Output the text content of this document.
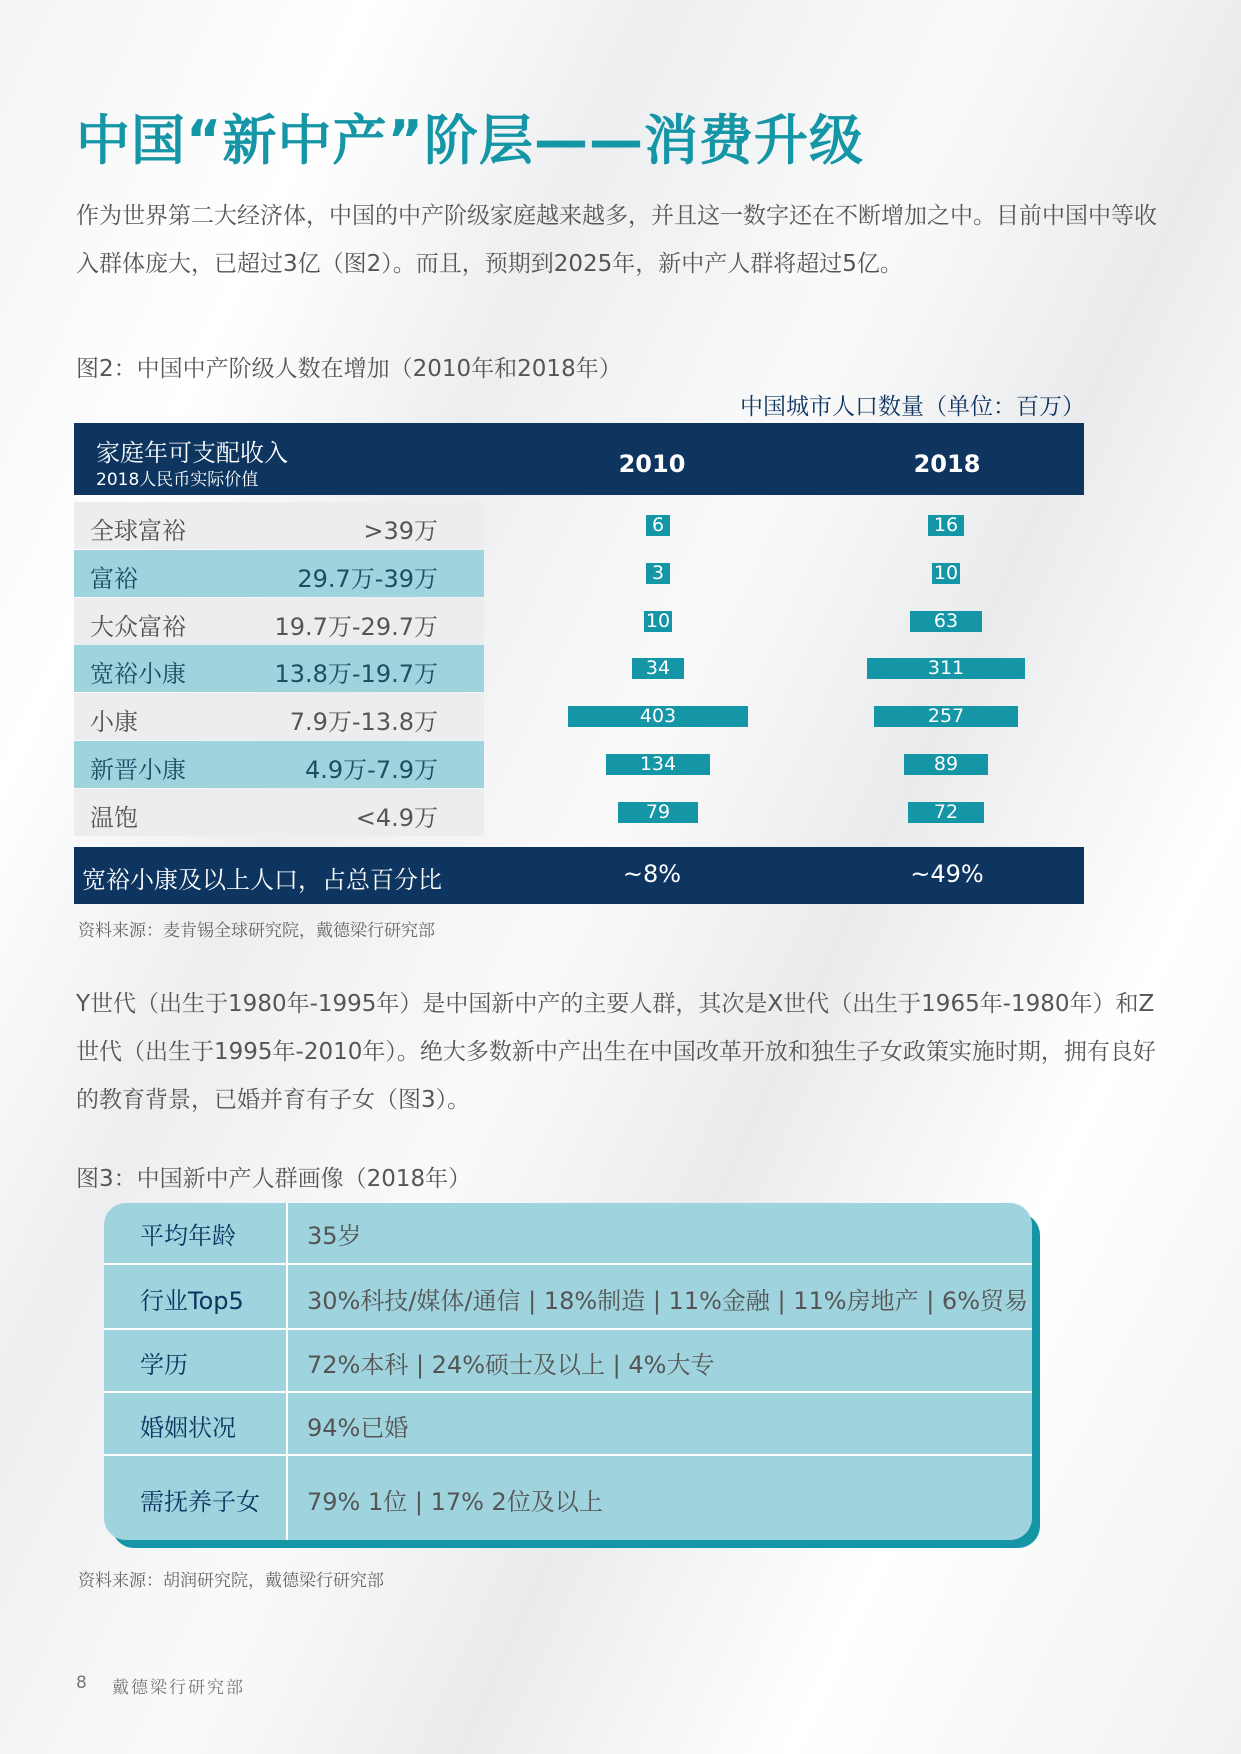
中国“新中产”阶层——消费升级

作为世界第二大经济体，中国的中产阶级家庭越来越多，并且这一数字还在不断增加之中。目前中国中等收入群体庞大，已超过3亿（图2）。而且，预期到2025年，新中产人群将超过5亿。

图2：中国中产阶级人数在增加（2010年和2018年）
中国城市人口数量（单位：百万）
家庭年可支配收入
2018人民币实际价值
2010	2018
全球富裕	>39万	6	16
富裕	29.7万-39万	3	10
大众富裕	19.7万-29.7万	10	63
宽裕小康	13.8万-19.7万	34	311
小康	7.9万-13.8万	403	257
新晋小康	4.9万-7.9万	134	89
温饱	<4.9万	79	72
宽裕小康及以上人口，占总百分比	~8%	~49%
资料来源：麦肯锡全球研究院，戴德梁行研究部

Y世代（出生于1980年-1995年）是中国新中产的主要人群，其次是X世代（出生于1965年-1980年）和Z世代（出生于1995年-2010年）。绝大多数新中产出生在中国改革开放和独生子女政策实施时期，拥有良好的教育背景，已婚并育有子女（图3）。

图3：中国新中产人群画像（2018年）
平均年龄	35岁
行业Top5	30%科技/媒体/通信 | 18%制造 | 11%金融 | 11%房地产 | 6%贸易
学历	72%本科 | 24%硕士及以上 | 4%大专
婚姻状况	94%已婚
需抚养子女 79% 1位 | 17% 2位及以上
资料来源：胡润研究院，戴德梁行研究部
8 戴德梁行研究部
